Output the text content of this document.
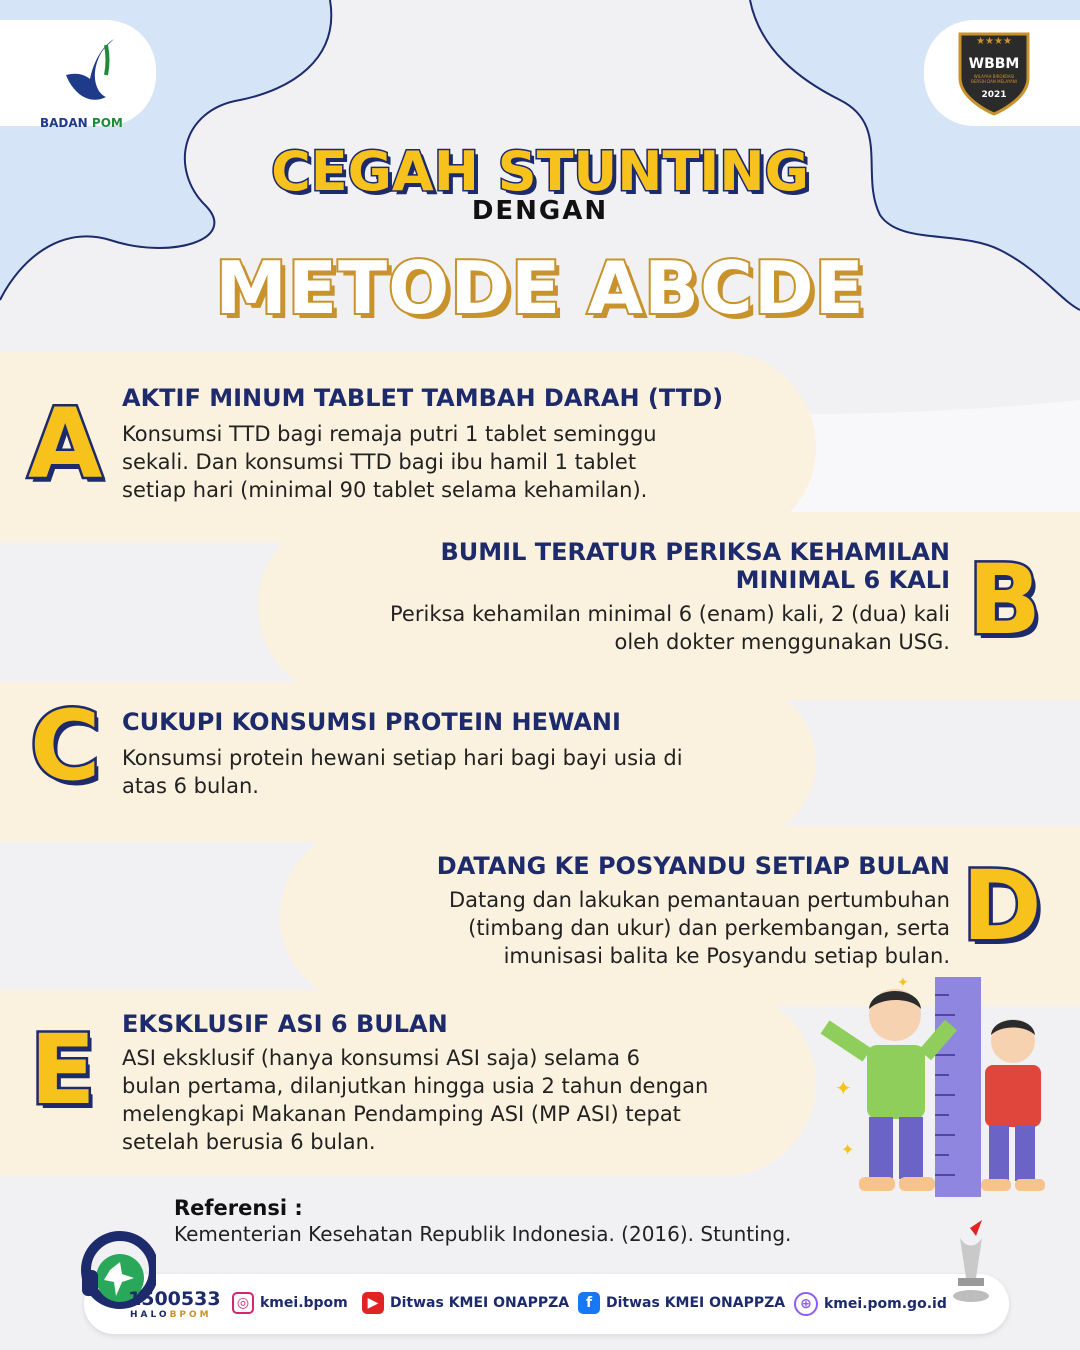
BADAN POM
★★★★
WBBM
WILAYAH BIROKRASI BERSIH DAN MELAYANI
2021
CEGAH STUNTING
DENGAN
METODE ABCDE
A AKTIF MINUM TABLET TAMBAH DARAH (TTD)
Konsumsi TTD bagi remaja putri 1 tablet seminggu
sekali. Dan konsumsi TTD bagi ibu hamil 1 tablet
setiap hari (minimal 90 tablet selama kehamilan).
B
BUMIL TERATUR PERIKSA KEHAMILAN
MINIMAL 6 KALI
Periksa kehamilan minimal 6 (enam) kali, 2 (dua) kali
oleh dokter menggunakan USG.
C CUKUPI KONSUMSI PROTEIN HEWANI
Konsumsi protein hewani setiap hari bagi bayi usia di
atas 6 bulan.
D
DATANG KE POSYANDU SETIAP BULAN
Datang dan lakukan pemantauan pertumbuhan
(timbang dan ukur) dan perkembangan, serta
imunisasi balita ke Posyandu setiap bulan.
E EKSKLUSIF ASI 6 BULAN
ASI eksklusif (hanya konsumsi ASI saja) selama 6
bulan pertama, dilanjutkan hingga usia 2 tahun dengan
melengkapi Makanan Pendamping ASI (MP ASI) tepat
setelah berusia 6 bulan.
✦
✦
✦
Referensi :
Kementerian Kesehatan Republik Indonesia. (2016). Stunting.
1500533
HALOBPOM
◎ kmei.bpom	▶ Ditwas KMEI ONAPPZA	f Ditwas KMEI ONAPPZA	⊕ kmei.pom.go.id
